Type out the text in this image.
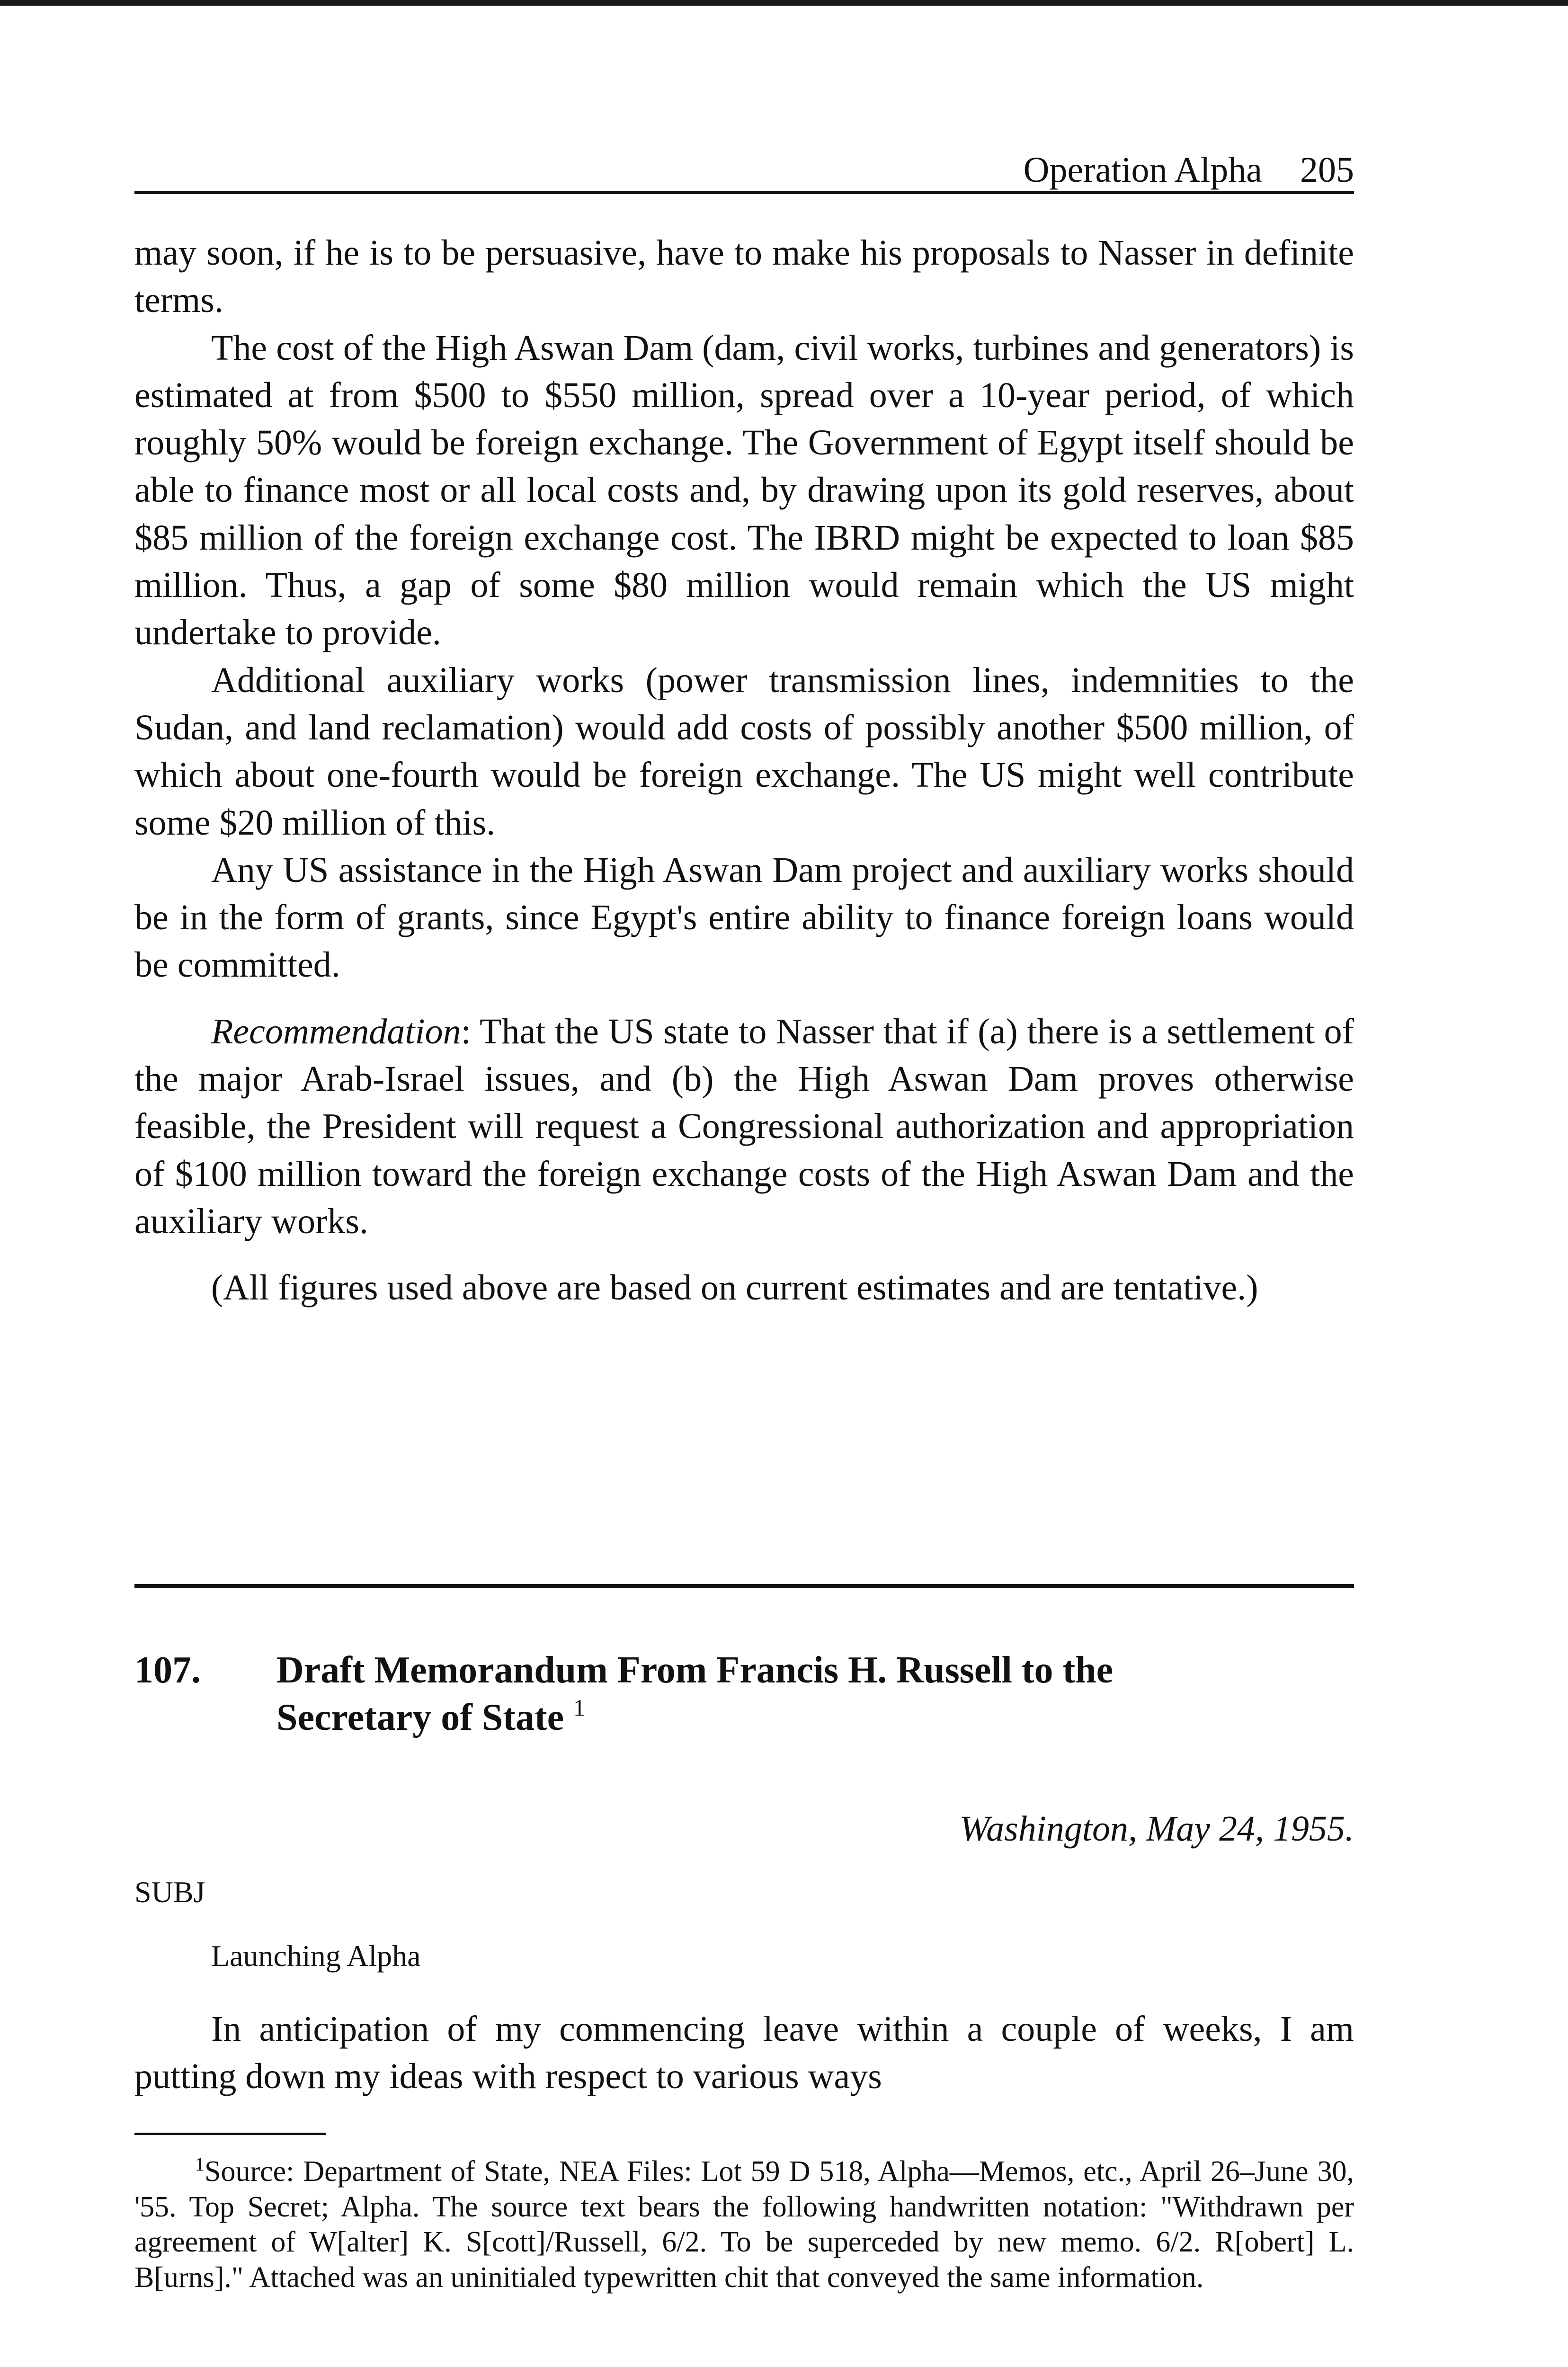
Operation Alpha 205

may soon, if he is to be persuasive, have to make his proposals to Nasser in definite terms.

The cost of the High Aswan Dam (dam, civil works, turbines and generators) is estimated at from $500 to $550 million, spread over a 10-year period, of which roughly 50% would be foreign exchange. The Government of Egypt itself should be able to finance most or all local costs and, by drawing upon its gold reserves, about $85 million of the foreign exchange cost. The IBRD might be expected to loan $85 million. Thus, a gap of some $80 million would remain which the US might undertake to provide.

Additional auxiliary works (power transmission lines, indemnities to the Sudan, and land reclamation) would add costs of possibly another $500 million, of which about one-fourth would be foreign exchange. The US might well contribute some $20 million of this.

Any US assistance in the High Aswan Dam project and auxiliary works should be in the form of grants, since Egypt's entire ability to finance foreign loans would be committed.

Recommendation: That the US state to Nasser that if (a) there is a settlement of the major Arab-Israel issues, and (b) the High Aswan Dam proves otherwise feasible, the President will request a Congressional authorization and appropriation of $100 million toward the foreign exchange costs of the High Aswan Dam and the auxiliary works.

(All figures used above are based on current estimates and are tentative.)

107.	Draft Memorandum From Francis H. Russell to the
Secretary of State $^1$
Washington, May 24, 1955.
SUBJ
Launching Alpha

In anticipation of my commencing leave within a couple of weeks, I am putting down my ideas with respect to various ways

$^1$Source: Department of State, NEA Files: Lot 59 D 518, Alpha—Memos, etc., April 26–June 30, '55. Top Secret; Alpha. The source text bears the following handwritten notation: "Withdrawn per agreement of W[alter] K. S[cott]/Russell, 6/2. To be superceded by new memo. 6/2. R[obert] L. B[urns]." Attached was an uninitialed typewritten chit that conveyed the same information.
